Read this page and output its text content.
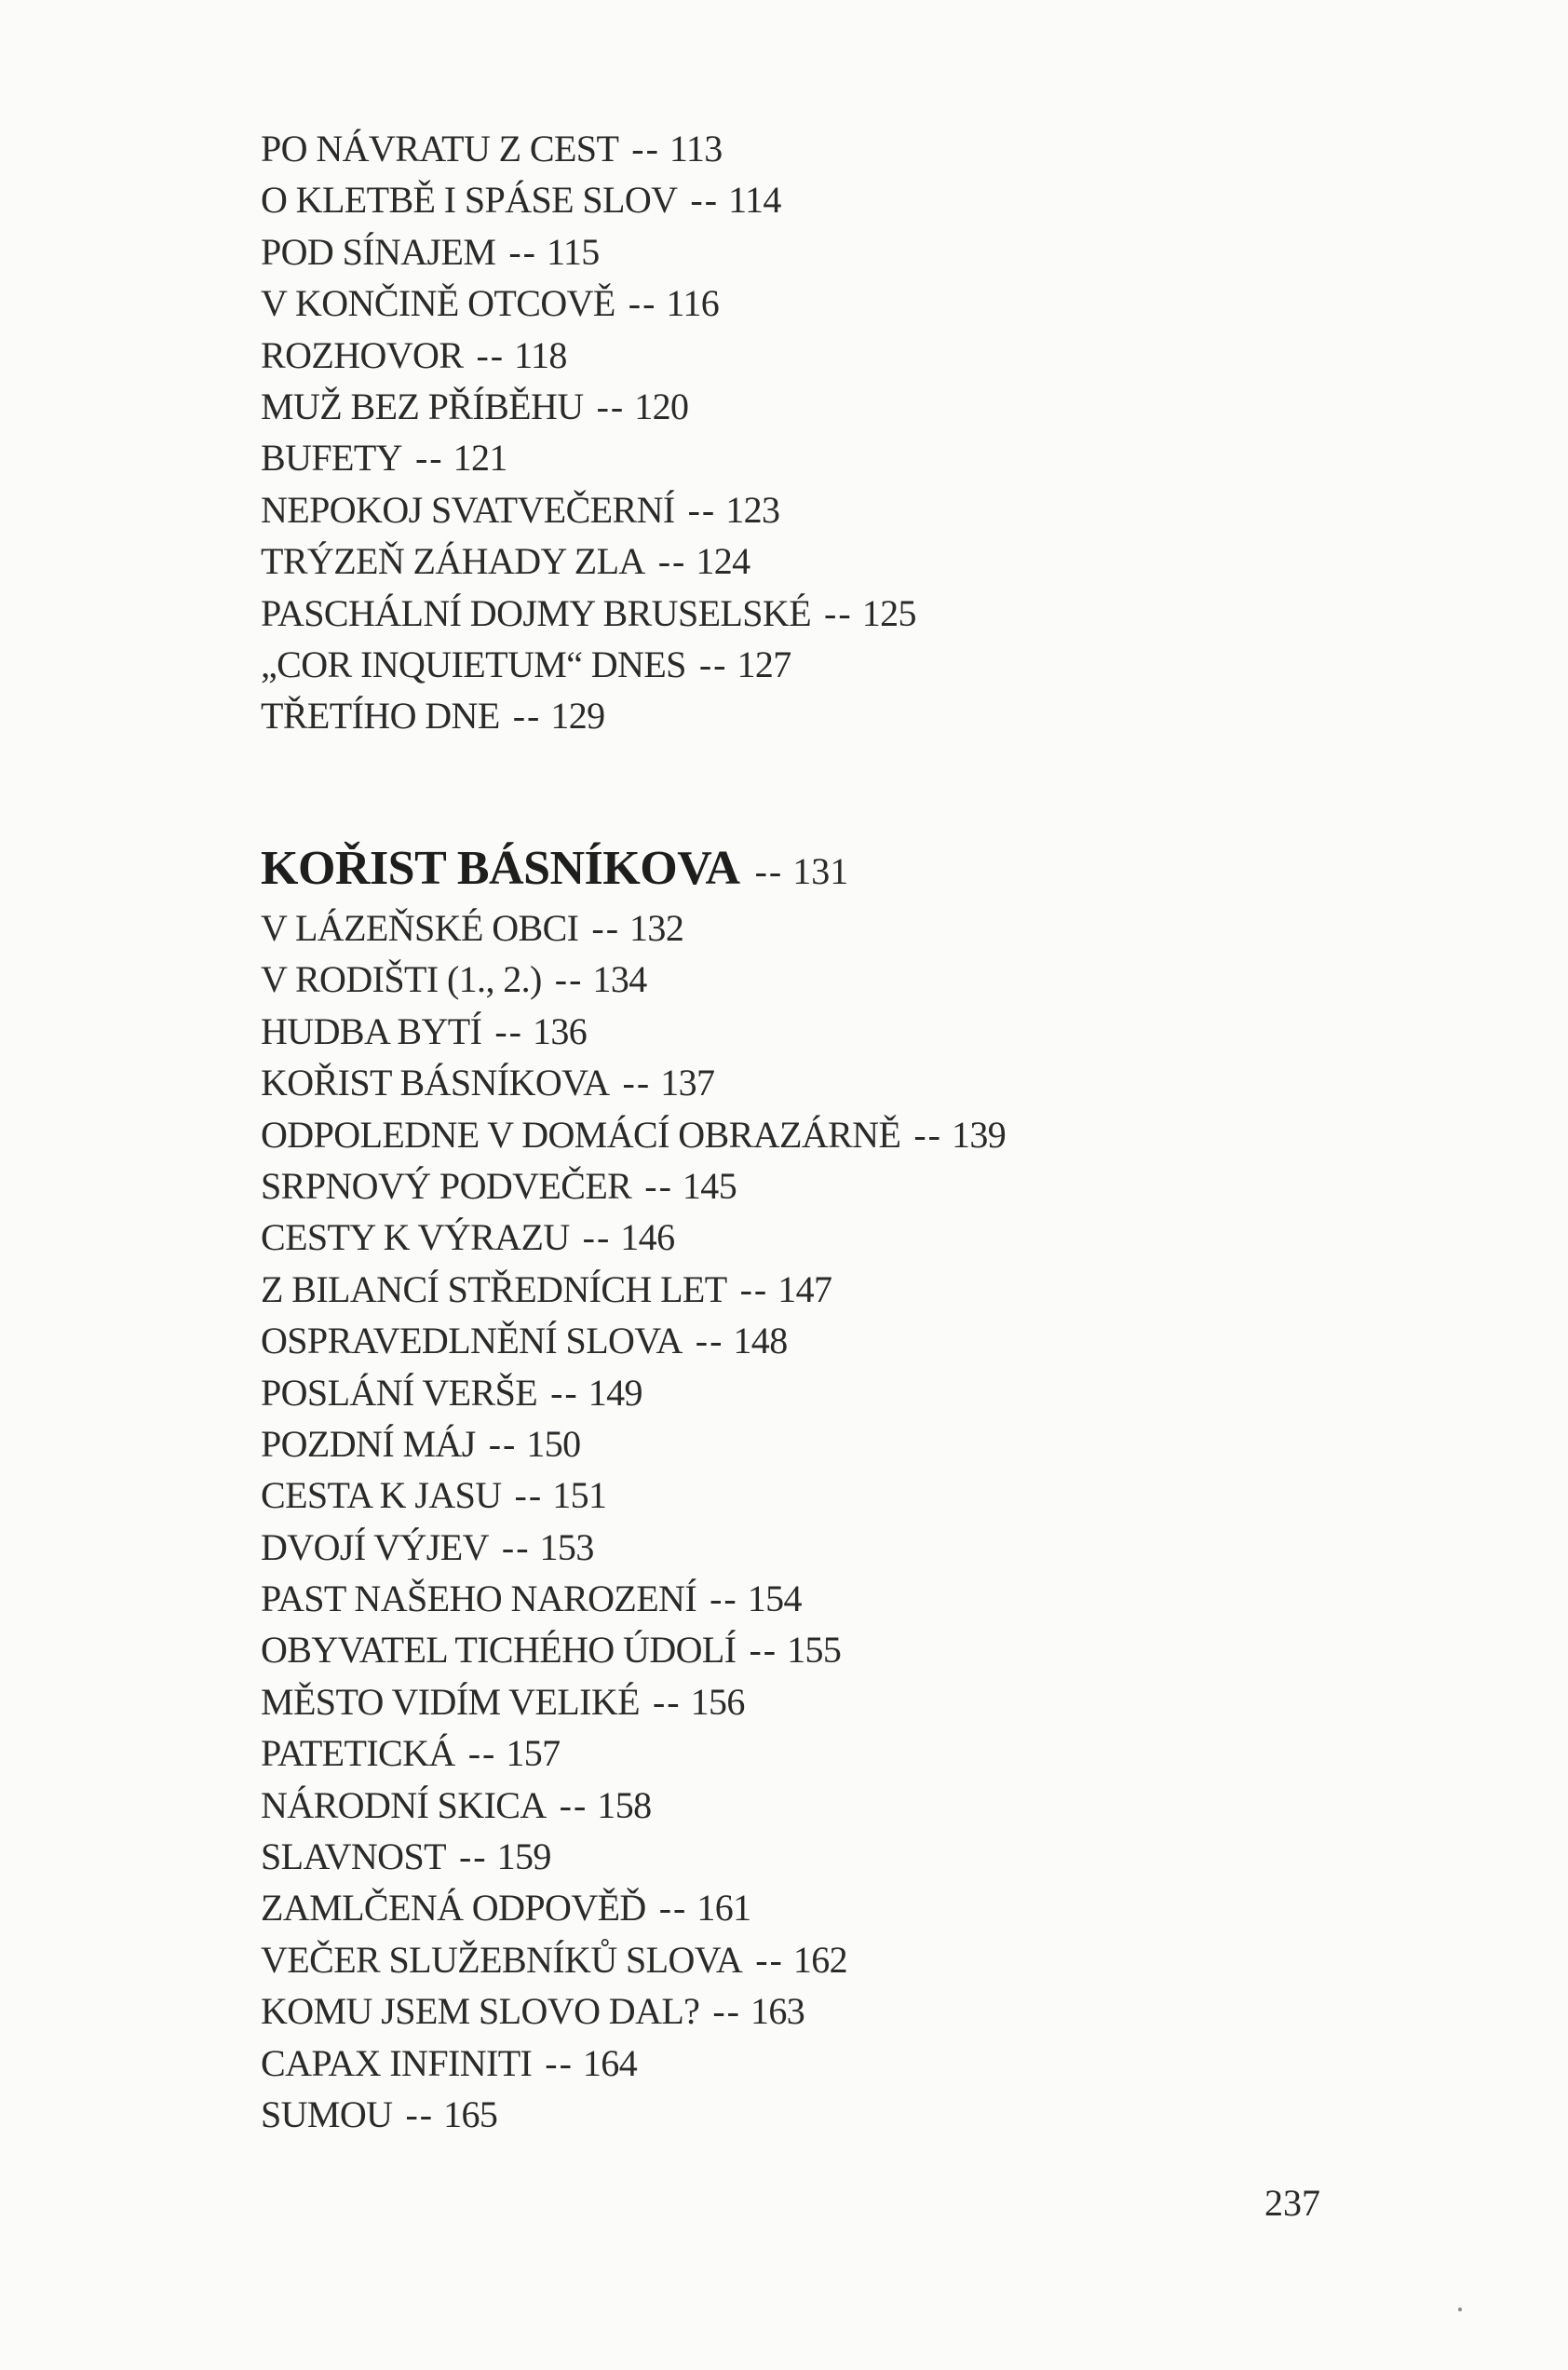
PO NÁVRATU Z CEST -- 113
O KLETBĚ I SPÁSE SLOV -- 114
POD SÍNAJEM -- 115
V KONČINĚ OTCOVĚ -- 116
ROZHOVOR -- 118
MUŽ BEZ PŘÍBĚHU -- 120
BUFETY -- 121
NEPOKOJ SVATVEČERNÍ -- 123
TRÝZEŇ ZÁHADY ZLA -- 124
PASCHÁLNÍ DOJMY BRUSELSKÉ -- 125
„COR INQUIETUM“ DNES -- 127
TŘETÍHO DNE -- 129
KOŘIST BÁSNÍKOVA -- 131
V LÁZEŇSKÉ OBCI -- 132
V RODIŠTI (1., 2.) -- 134
HUDBA BYTÍ -- 136
KOŘIST BÁSNÍKOVA -- 137
ODPOLEDNE V DOMÁCÍ OBRAZÁRNĚ -- 139
SRPNOVÝ PODVEČER -- 145
CESTY K VÝRAZU -- 146
Z BILANCÍ STŘEDNÍCH LET -- 147
OSPRAVEDLNĚNÍ SLOVA -- 148
POSLÁNÍ VERŠE -- 149
POZDNÍ MÁJ -- 150
CESTA K JASU -- 151
DVOJÍ VÝJEV -- 153
PAST NAŠEHO NAROZENÍ -- 154
OBYVATEL TICHÉHO ÚDOLÍ -- 155
MĚSTO VIDÍM VELIKÉ -- 156
PATETICKÁ -- 157
NÁRODNÍ SKICA -- 158
SLAVNOST -- 159
ZAMLČENÁ ODPOVĚĎ -- 161
VEČER SLUŽEBNÍKŮ SLOVA -- 162
KOMU JSEM SLOVO DAL? -- 163
CAPAX INFINITI -- 164
SUMOU -- 165
237
